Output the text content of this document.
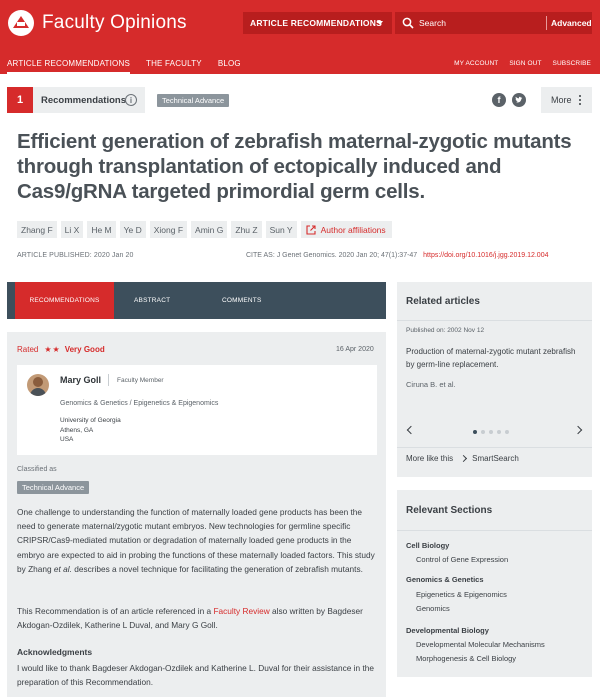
Faculty Opinions	ARTICLE RECOMMENDATIONS
Search	Advanced
ARTICLE RECOMMENDATIONS THE FACULTY BLOG	MY ACCOUNT SIGN OUT SUBSCRIBE
1	Recommendations i	Technical Advance	f	More
Efficient generation of zebrafish maternal-zygotic mutants through transplantation of ectopically induced and Cas9/gRNA targeted primordial germ cells.
Zhang F	Li X	He M	Ye D	Xiong F	Amin G	Zhu Z	Sun Y	Author affiliations
ARTICLE PUBLISHED: 2020 Jan 20	CITE AS: J Genet Genomics. 2020 Jan 20; 47(1):37-47 https://doi.org/10.1016/j.jgg.2019.12.004
RECOMMENDATIONS	ABSTRACT	COMMENTS
Rated ★★ Very Good	16 Apr 2020
Mary Goll Faculty Member
Genomics & Genetics / Epigenetics & Epigenomics
University of Georgia
Athens, GA
USA
Classified as
Technical Advance

One challenge to understanding the function of maternally loaded gene products has been the need to generate maternal/zygotic mutant embryos. New technologies for germline specific CRIPSR/Cas9-mediated mutation or degradation of maternally loaded gene products in the embryo are expected to aid in probing the functions of these maternally loaded factors. This study by Zhang et al. describes a novel technique for facilitating the generation of zebrafish mutants.

This Recommendation is of an article referenced in a Faculty Review also written by Bagdeser Akdogan-Ozdilek, Katherine L Duval, and Mary G Goll.

Acknowledgments

I would like to thank Bagdeser Akdogan-Ozdilek and Katherine L. Duval for their assistance in the preparation of this Recommendation.

Related articles
Published on: 2002 Nov 12
Production of maternal-zygotic mutant zebrafish by germ-line replacement.
Ciruna B. et al.
More like this SmartSearch
Relevant Sections
Cell Biology
Control of Gene Expression
Genomics & Genetics
Epigenetics & Epigenomics
Genomics
Developmental Biology
Developmental Molecular Mechanisms
Morphogenesis & Cell Biology
